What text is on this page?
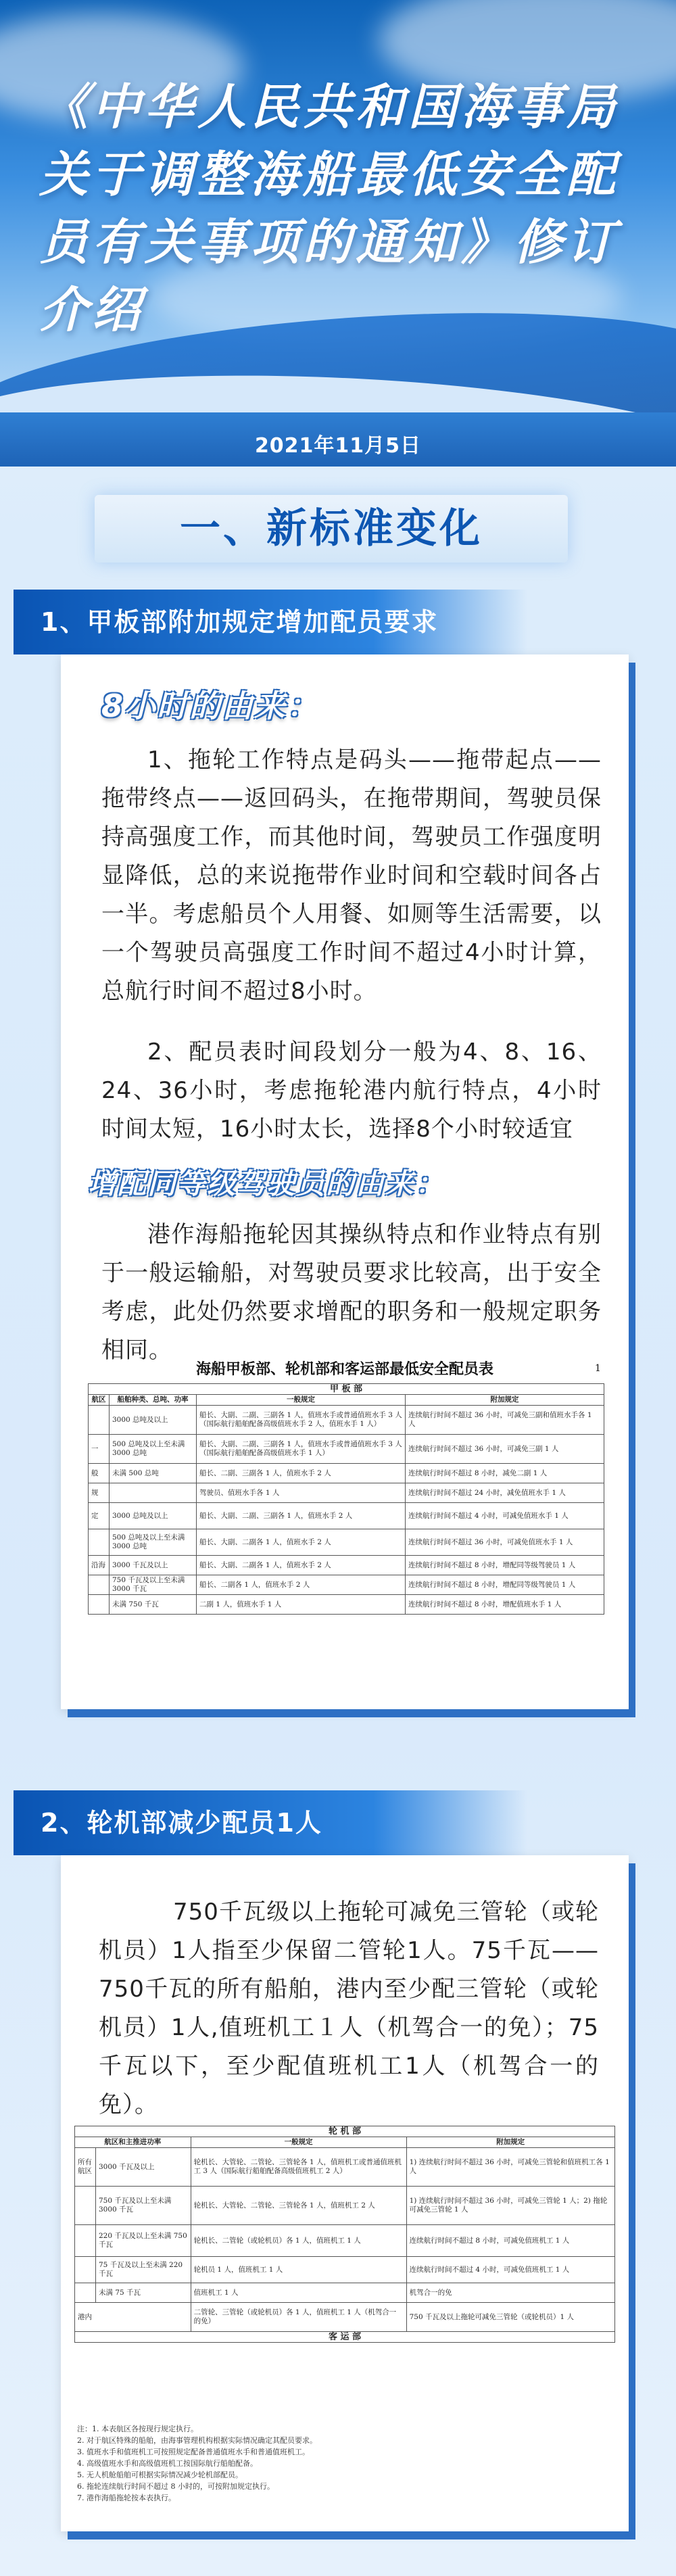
《中华人民共和国海事局关于调整海船最低安全配员有关事项的通知》修订介绍
2021年11月5日
一、新标准变化
1、甲板部附加规定增加配员要求
8小时的由来：
1、拖轮工作特点是码头——拖带起点——拖带终点——返回码头，在拖带期间，驾驶员保持高强度工作，而其他时间，驾驶员工作强度明显降低，总的来说拖带作业时间和空载时间各占一半。考虑船员个人用餐、如厕等生活需要，以一个驾驶员高强度工作时间不超过4小时计算，总航行时间不超过8小时。
2、配员表时间段划分一般为4、8、16、24、36小时，考虑拖轮港内航行特点，4小时时间太短，16小时太长，选择8个小时较适宜
增配同等级驾驶员的由来：
港作海船拖轮因其操纵特点和作业特点有别于一般运输船，对驾驶员要求比较高，出于安全考虑，此处仍然要求增配的职务和一般规定职务相同。
海船甲板部、轮机部和客运部最低安全配员表	1
甲 板 部			
航区	船舶种类、总吨、功率	一般规定	附加规定
	3000 总吨及以上	船长、大副、二副、三副各 1 人，值班水手或普通值班水手 3 人（国际航行船舶配备高级值班水手 2 人，值班水手 1 人）	连续航行时间不超过 36 小时，可减免三副和值班水手各 1 人
一	500 总吨及以上至未满 3000 总吨	船长、大副、二副、三副各 1 人，值班水手或普通值班水手 3 人（国际航行船舶配备高级值班水手 1 人）	连续航行时间不超过 36 小时，可减免三副 1 人
般	未满 500 总吨	船长、二副、三副各 1 人，值班水手 2 人	连续航行时间不超过 8 小时，减免二副 1 人
规		驾驶员、值班水手各 1 人	连续航行时间不超过 24 小时，减免值班水手 1 人
定	3000 总吨及以上	船长、大副、二副、三副各 1 人，值班水手 2 人	连续航行时间不超过 4 小时，可减免值班水手 1 人
	500 总吨及以上至未满 3000 总吨	船长、大副、二副各 1 人，值班水手 2 人	连续航行时间不超过 36 小时，可减免值班水手 1 人
沿海	3000 千瓦及以上	船长、大副、二副各 1 人，值班水手 2 人	连续航行时间不超过 8 小时，增配同等级驾驶员 1 人
	750 千瓦及以上至未满 3000 千瓦	船长、二副各 1 人，值班水手 2 人	连续航行时间不超过 8 小时，增配同等级驾驶员 1 人
	未满 750 千瓦	二副 1 人，值班水手 1 人	连续航行时间不超过 8 小时，增配值班水手 1 人
2、轮机部减少配员1人
750千瓦级以上拖轮可减免三管轮（或轮机员）1人指至少保留二管轮1人。75千瓦——750千瓦的所有船舶，港内至少配三管轮（或轮机员）1人,值班机工１人（机驾合一的免）；75千瓦以下，至少配值班机工1人（机驾合一的免）。
轮 机 部			
航区和主推进功率		一般规定	附加规定
所有航区	3000 千瓦及以上	轮机长、大管轮、二管轮、三管轮各 1 人，值班机工或普通值班机工 3 人（国际航行船舶配备高级值班机工 2 人）	1) 连续航行时间不超过 36 小时，可减免三管轮和值班机工各 1 人
	750 千瓦及以上至未满 3000 千瓦	轮机长、大管轮、二管轮、三管轮各 1 人，值班机工 2 人	1) 连续航行时间不超过 36 小时，可减免三管轮 1 人；2) 拖轮可减免三管轮 1 人
	220 千瓦及以上至未满 750 千瓦	轮机长、二管轮（或轮机员）各 1 人，值班机工 1 人	连续航行时间不超过 8 小时，可减免值班机工 1 人
	75 千瓦及以上至未满 220 千瓦	轮机员 1 人，值班机工 1 人	连续航行时间不超过 4 小时，可减免值班机工 1 人
	未满 75 千瓦	值班机工 1 人	机驾合一的免
港内		二管轮、三管轮（或轮机员）各 1 人，值班机工 1 人（机驾合一的免）	750 千瓦及以上拖轮可减免三管轮（或轮机员）1 人
客 运 部			
注：1. 本表航区各按现行规定执行。
2. 对于航区特殊的船舶，由海事管理机构根据实际情况确定其配员要求。
3. 值班水手和值班机工可按照规定配备普通值班水手和普通值班机工。
4. 高级值班水手和高级值班机工按国际航行船舶配备。
5. 无人机舱船舶可根据实际情况减少轮机部配员。
6. 拖轮连续航行时间不超过 8 小时的，可按附加规定执行。
7. 港作海船拖轮按本表执行。
